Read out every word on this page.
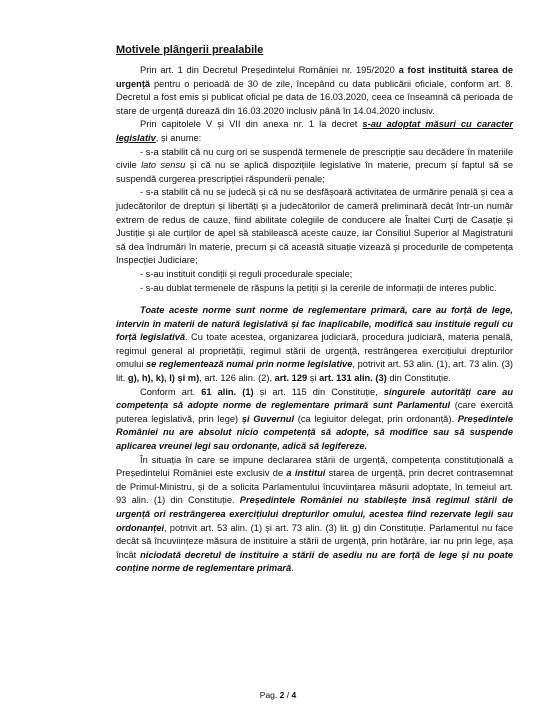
Motivele plângerii prealabile

Prin art. 1 din Decretul Președintelui României nr. 195/2020 a fost instituită starea de urgență pentru o perioadă de 30 de zile, începând cu data publicării oficiale, conform art. 8. Decretul a fost emis și publicat oficial pe data de 16.03.2020, ceea ce înseamnă că perioada de stare de urgență durează din 16.03.2020 inclusiv până în 14.04.2020 inclusiv.

Prin capitolele V și VII din anexa nr. 1 la decret s-au adoptat măsuri cu caracter legislativ, și anume:

- s-a stabilit că nu curg ori se suspendă termenele de prescripție sau decădere în materiile civile lato sensu și că nu se aplică dispozițiile legislative în materie, precum și faptul să se suspendă curgerea prescripției răspunderii penale;

- s-a stabilit că nu se judecă și că nu se desfășoară activitatea de urmărire penală și cea a judecătorilor de drepturi și libertăți și a judecătorilor de cameră preliminară decât într-un număr extrem de redus de cauze, fiind abilitate colegiile de conducere ale Înaltei Curți de Casație și Justiție și ale curților de apel să stabilească aceste cauze, iar Consiliul Superior al Magistraturii să dea îndrumări în materie, precum și că această situație vizează și procedurile de competența Inspecției Judiciare;

- s-au instituit condiții și reguli procedurale speciale;

- s-au dublat termenele de răspuns la petiții și la cererile de informații de interes public.

Toate aceste norme sunt norme de reglementare primară, care au forță de lege, intervin în materii de natură legislativă și fac inaplicabile, modifică sau instituie reguli cu forță legislativă. Cu toate acestea, organizarea judiciară, procedura judiciară, materia penală, regimul general al proprietății, regimul stării de urgență, restrângerea exercițiului drepturilor omului se reglementează numai prin norme legislative, potrivit art. 53 alin. (1), art. 73 alin. (3) lit. g), h), k), l) și m), art. 126 alin. (2), art. 129 și art. 131 alin. (3) din Constituție.

Conform art. 61 alin. (1) și art. 115 din Constituție, singurele autorități care au competența să adopte norme de reglementare primară sunt Parlamentul (care exercită puterea legislativă, prin lege) și Guvernul (ca legiuitor delegat, prin ordonanță). Președintele României nu are absolut nicio competență să adopte, să modifice sau să suspende aplicarea vreunei legi sau ordonanțe, adică să legifereze.

În situația în care se impune declararea stării de urgență, competența constituțională a Președintelui României este exclusiv de a institui starea de urgență, prin decret contrasemnat de Primul-Ministru, și de a solicita Parlamentului încuviințarea măsurii adoptate, în temeiul art. 93 alin. (1) din Constituție. Președintele României nu stabilește însă regimul stării de urgență ori restrângerea exercițiului drepturilor omului, acestea fiind rezervate legii sau ordonanței, potrivit art. 53 alin. (1) și art. 73 alin. (3) lit. g) din Constituție. Parlamentul nu face decât să încuviințeze măsura de instituire a stării de urgență, prin hotărâre, iar nu prin lege, așa încât niciodată decretul de instituire a stării de asediu nu are forță de lege și nu poate conține norme de reglementare primară.

Pag. 2 / 4
